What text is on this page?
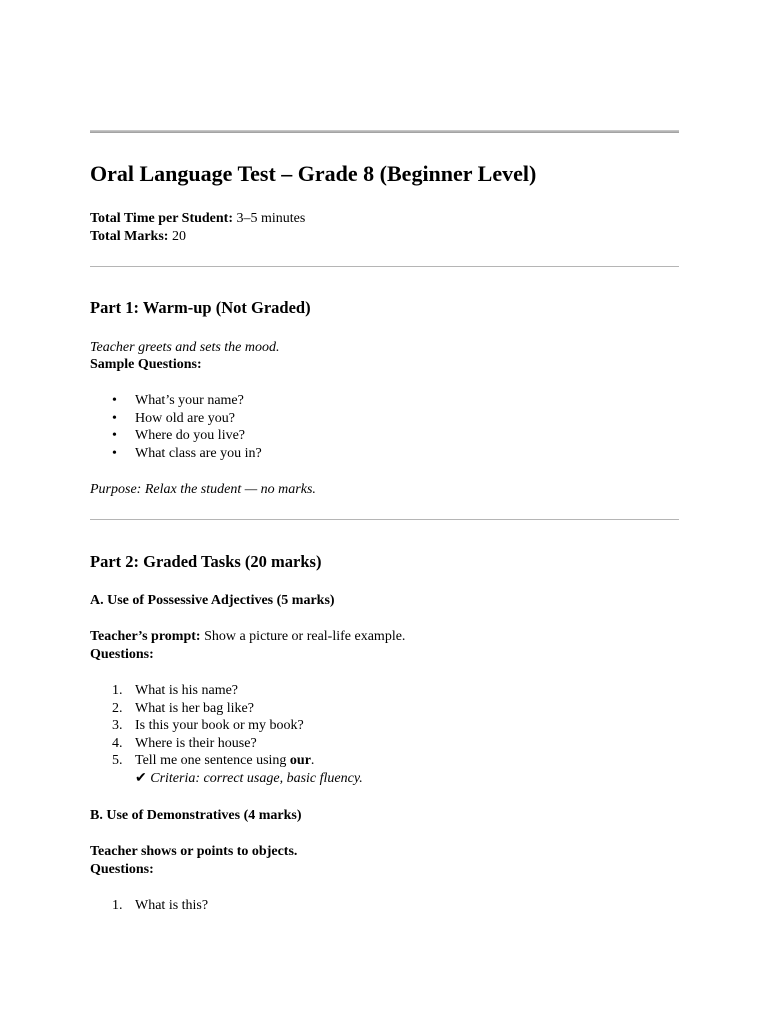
Oral Language Test – Grade 8 (Beginner Level)
Total Time per Student: 3–5 minutes
Total Marks: 20
Part 1: Warm-up (Not Graded)
Teacher greets and sets the mood.
Sample Questions:
• What’s your name?
• How old are you?
• Where do you live?
• What class are you in?
Purpose: Relax the student — no marks.
Part 2: Graded Tasks (20 marks)
A. Use of Possessive Adjectives (5 marks)
Teacher’s prompt: Show a picture or real-life example.
Questions:
1. What is his name?
2. What is her bag like?
3. Is this your book or my book?
4. Where is their house?
5. Tell me one sentence using our.
✔ Criteria: correct usage, basic fluency.
B. Use of Demonstratives (4 marks)
Teacher shows or points to objects.
Questions:
1. What is this?
